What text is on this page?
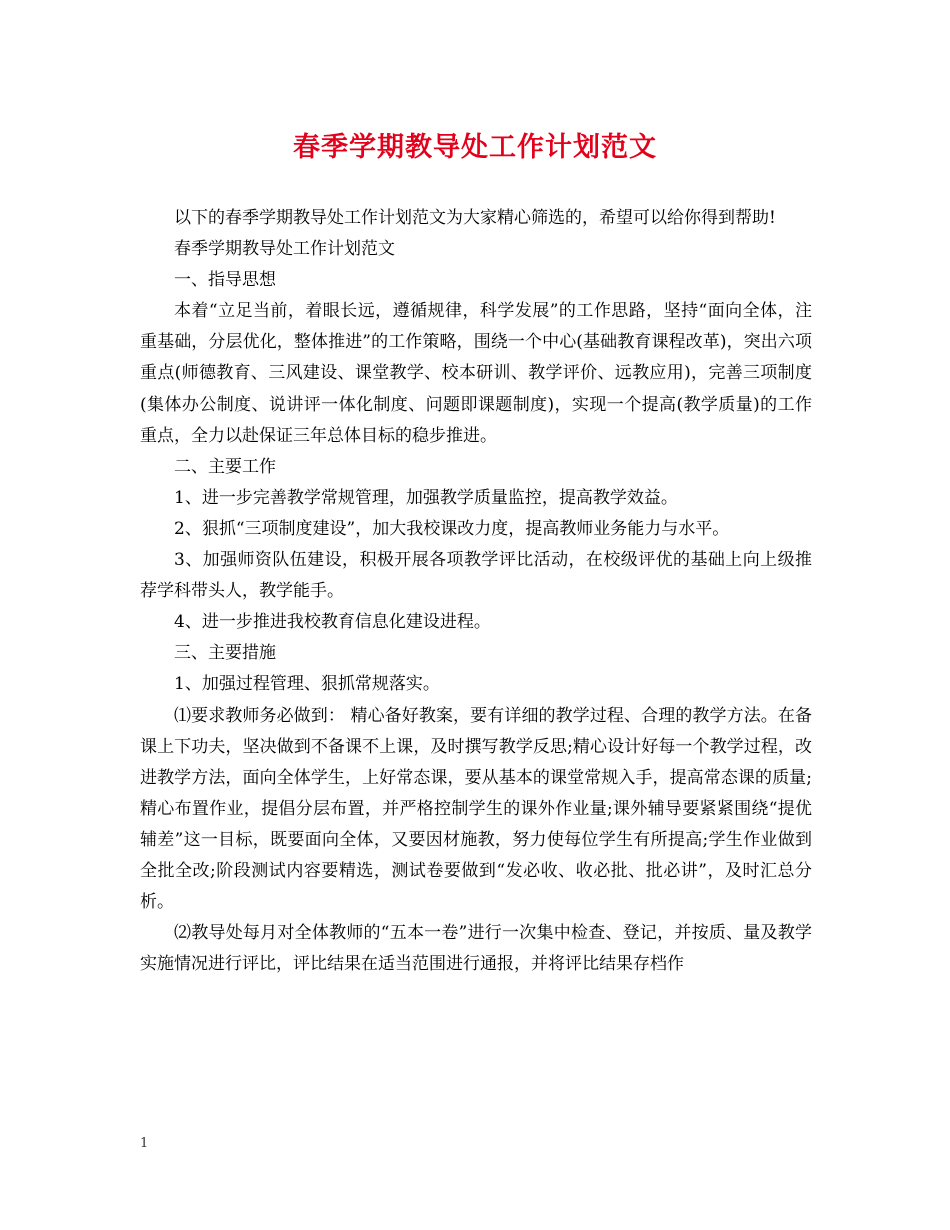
春季学期教导处工作计划范文

以下的春季学期教导处工作计划范文为大家精心筛选的，希望可以给你得到帮助!

春季学期教导处工作计划范文

一、指导思想

本着“立足当前，着眼长远，遵循规律，科学发展”的工作思路，坚持“面向全体，注重基础，分层优化，整体推进”的工作策略，围绕一个中心(基础教育课程改革)，突出六项重点(师德教育、三风建设、课堂教学、校本研训、教学评价、远教应用)，完善三项制度(集体办公制度、说讲评一体化制度、问题即课题制度)，实现一个提高(教学质量)的工作重点，全力以赴保证三年总体目标的稳步推进。

二、主要工作

1、进一步完善教学常规管理，加强教学质量监控，提高教学效益。

2、狠抓“三项制度建设”，加大我校课改力度，提高教师业务能力与水平。

3、加强师资队伍建设，积极开展各项教学评比活动，在校级评优的基础上向上级推荐学科带头人，教学能手。

4、进一步推进我校教育信息化建设进程。

三、主要措施

1、加强过程管理、狠抓常规落实。

⑴要求教师务必做到： 精心备好教案，要有详细的教学过程、合理的教学方法。在备课上下功夫，坚决做到不备课不上课，及时撰写教学反思;精心设计好每一个教学过程，改进教学方法，面向全体学生，上好常态课，要从基本的课堂常规入手，提高常态课的质量;精心布置作业，提倡分层布置，并严格控制学生的课外作业量;课外辅导要紧紧围绕“提优辅差”这一目标，既要面向全体，又要因材施教，努力使每位学生有所提高;学生作业做到全批全改;阶段测试内容要精选，测试卷要做到“发必收、收必批、批必讲”，及时汇总分析。

⑵教导处每月对全体教师的“五本一卷”进行一次集中检查、登记，并按质、量及教学实施情况进行评比，评比结果在适当范围进行通报，并将评比结果存档作

1
